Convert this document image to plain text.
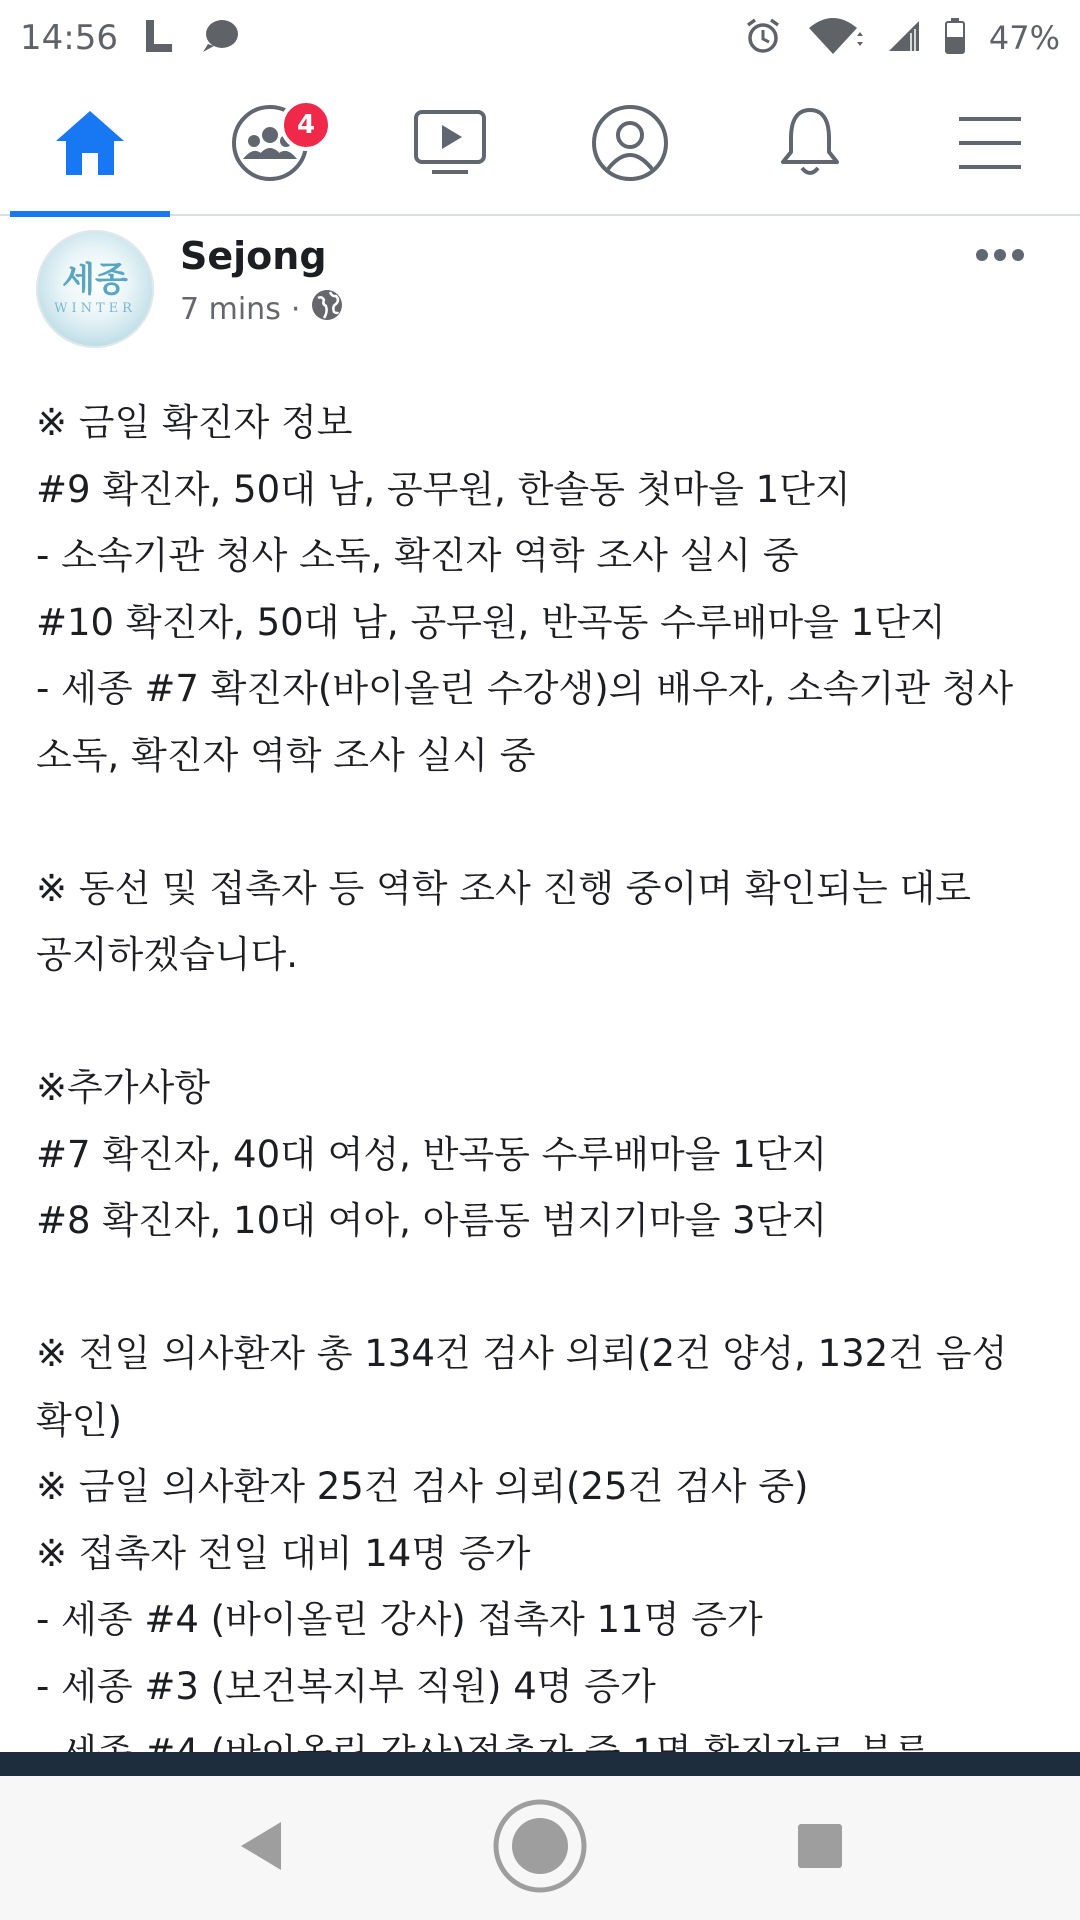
14:56	47%
4
세종
WINTER
Sejong
7 mins ·
※ 금일 확진자 정보
#9 확진자, 50대 남, 공무원, 한솔동 첫마을 1단지
- 소속기관 청사 소독, 확진자 역학 조사 실시 중
#10 확진자, 50대 남, 공무원, 반곡동 수루배마을 1단지
- 세종 #7 확진자(바이올린 수강생)의 배우자, 소속기관 청사
소독, 확진자 역학 조사 실시 중
※ 동선 및 접촉자 등 역학 조사 진행 중이며 확인되는 대로
공지하겠습니다.
※추가사항
#7 확진자, 40대 여성, 반곡동 수루배마을 1단지
#8 확진자, 10대 여아, 아름동 범지기마을 3단지
※ 전일 의사환자 총 134건 검사 의뢰(2건 양성, 132건 음성
확인)
※ 금일 의사환자 25건 검사 의뢰(25건 검사 중)
※ 접촉자 전일 대비 14명 증가
- 세종 #4 (바이올린 강사) 접촉자 11명 증가
- 세종 #3 (보건복지부 직원) 4명 증가
